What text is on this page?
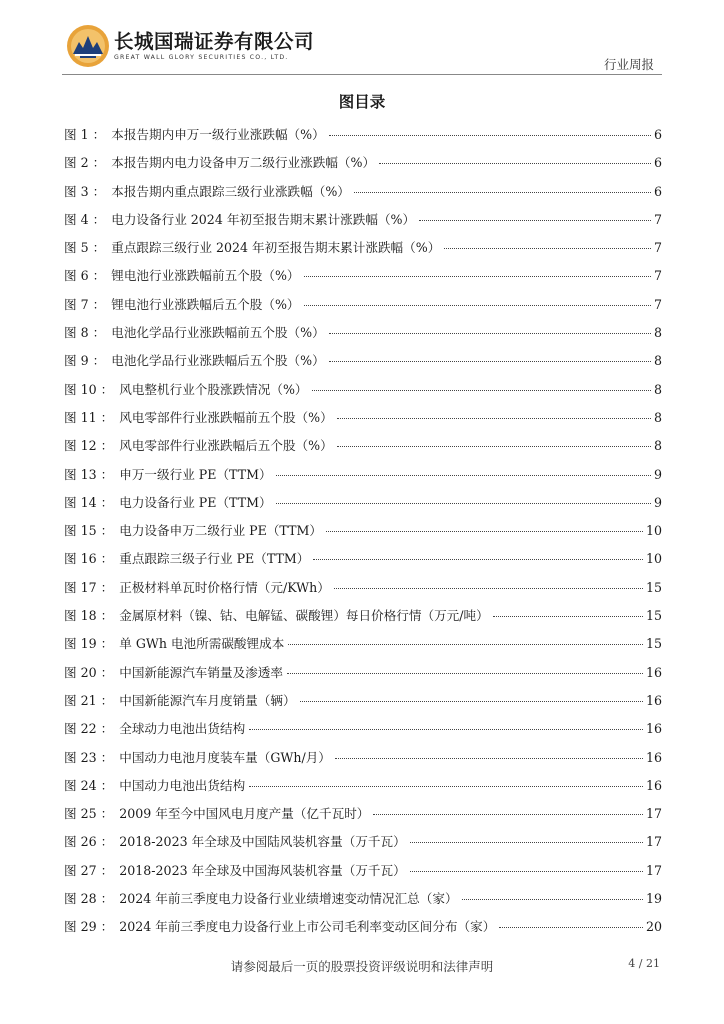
长城国瑞证券有限公司
GREAT WALL GLORY SECURITIES CO., LTD.	行业周报
图目录
图 1 ： 本报告期内申万一级行业涨跌幅（%）	6
图 2 ： 本报告期内电力设备申万二级行业涨跌幅（%）	6
图 3 ： 本报告期内重点跟踪三级行业涨跌幅（%）	6
图 4 ： 电力设备行业 2024 年初至报告期末累计涨跌幅（%）	7
图 5 ： 重点跟踪三级行业 2024 年初至报告期末累计涨跌幅（%）	7
图 6 ： 锂电池行业涨跌幅前五个股（%）	7
图 7 ： 锂电池行业涨跌幅后五个股（%）	7
图 8 ： 电池化学品行业涨跌幅前五个股（%）	8
图 9 ： 电池化学品行业涨跌幅后五个股（%）	8
图 10 ： 风电整机行业个股涨跌情况（%）	8
图 11 ： 风电零部件行业涨跌幅前五个股（%）	8
图 12 ： 风电零部件行业涨跌幅后五个股（%）	8
图 13 ： 申万一级行业 PE（TTM）	9
图 14 ： 电力设备行业 PE（TTM）	9
图 15 ： 电力设备申万二级行业 PE（TTM）	10
图 16 ： 重点跟踪三级子行业 PE（TTM）	10
图 17 ： 正极材料单瓦时价格行情（元/KWh）	15
图 18 ： 金属原材料（镍、钴、电解锰、碳酸锂）每日价格行情（万元/吨）	15
图 19 ： 单 GWh 电池所需碳酸锂成本	15
图 20 ： 中国新能源汽车销量及渗透率	16
图 21 ： 中国新能源汽车月度销量（辆）	16
图 22 ： 全球动力电池出货结构	16
图 23 ： 中国动力电池月度装车量（GWh/月）	16
图 24 ： 中国动力电池出货结构	16
图 25 ： 2009 年至今中国风电月度产量（亿千瓦时）	17
图 26 ： 2018-2023 年全球及中国陆风装机容量（万千瓦）	17
图 27 ： 2018-2023 年全球及中国海风装机容量（万千瓦）	17
图 28 ： 2024 年前三季度电力设备行业业绩增速变动情况汇总（家）	19
图 29 ： 2024 年前三季度电力设备行业上市公司毛利率变动区间分布（家）	20
请参阅最后一页的股票投资评级说明和法律声明	4 / 21
